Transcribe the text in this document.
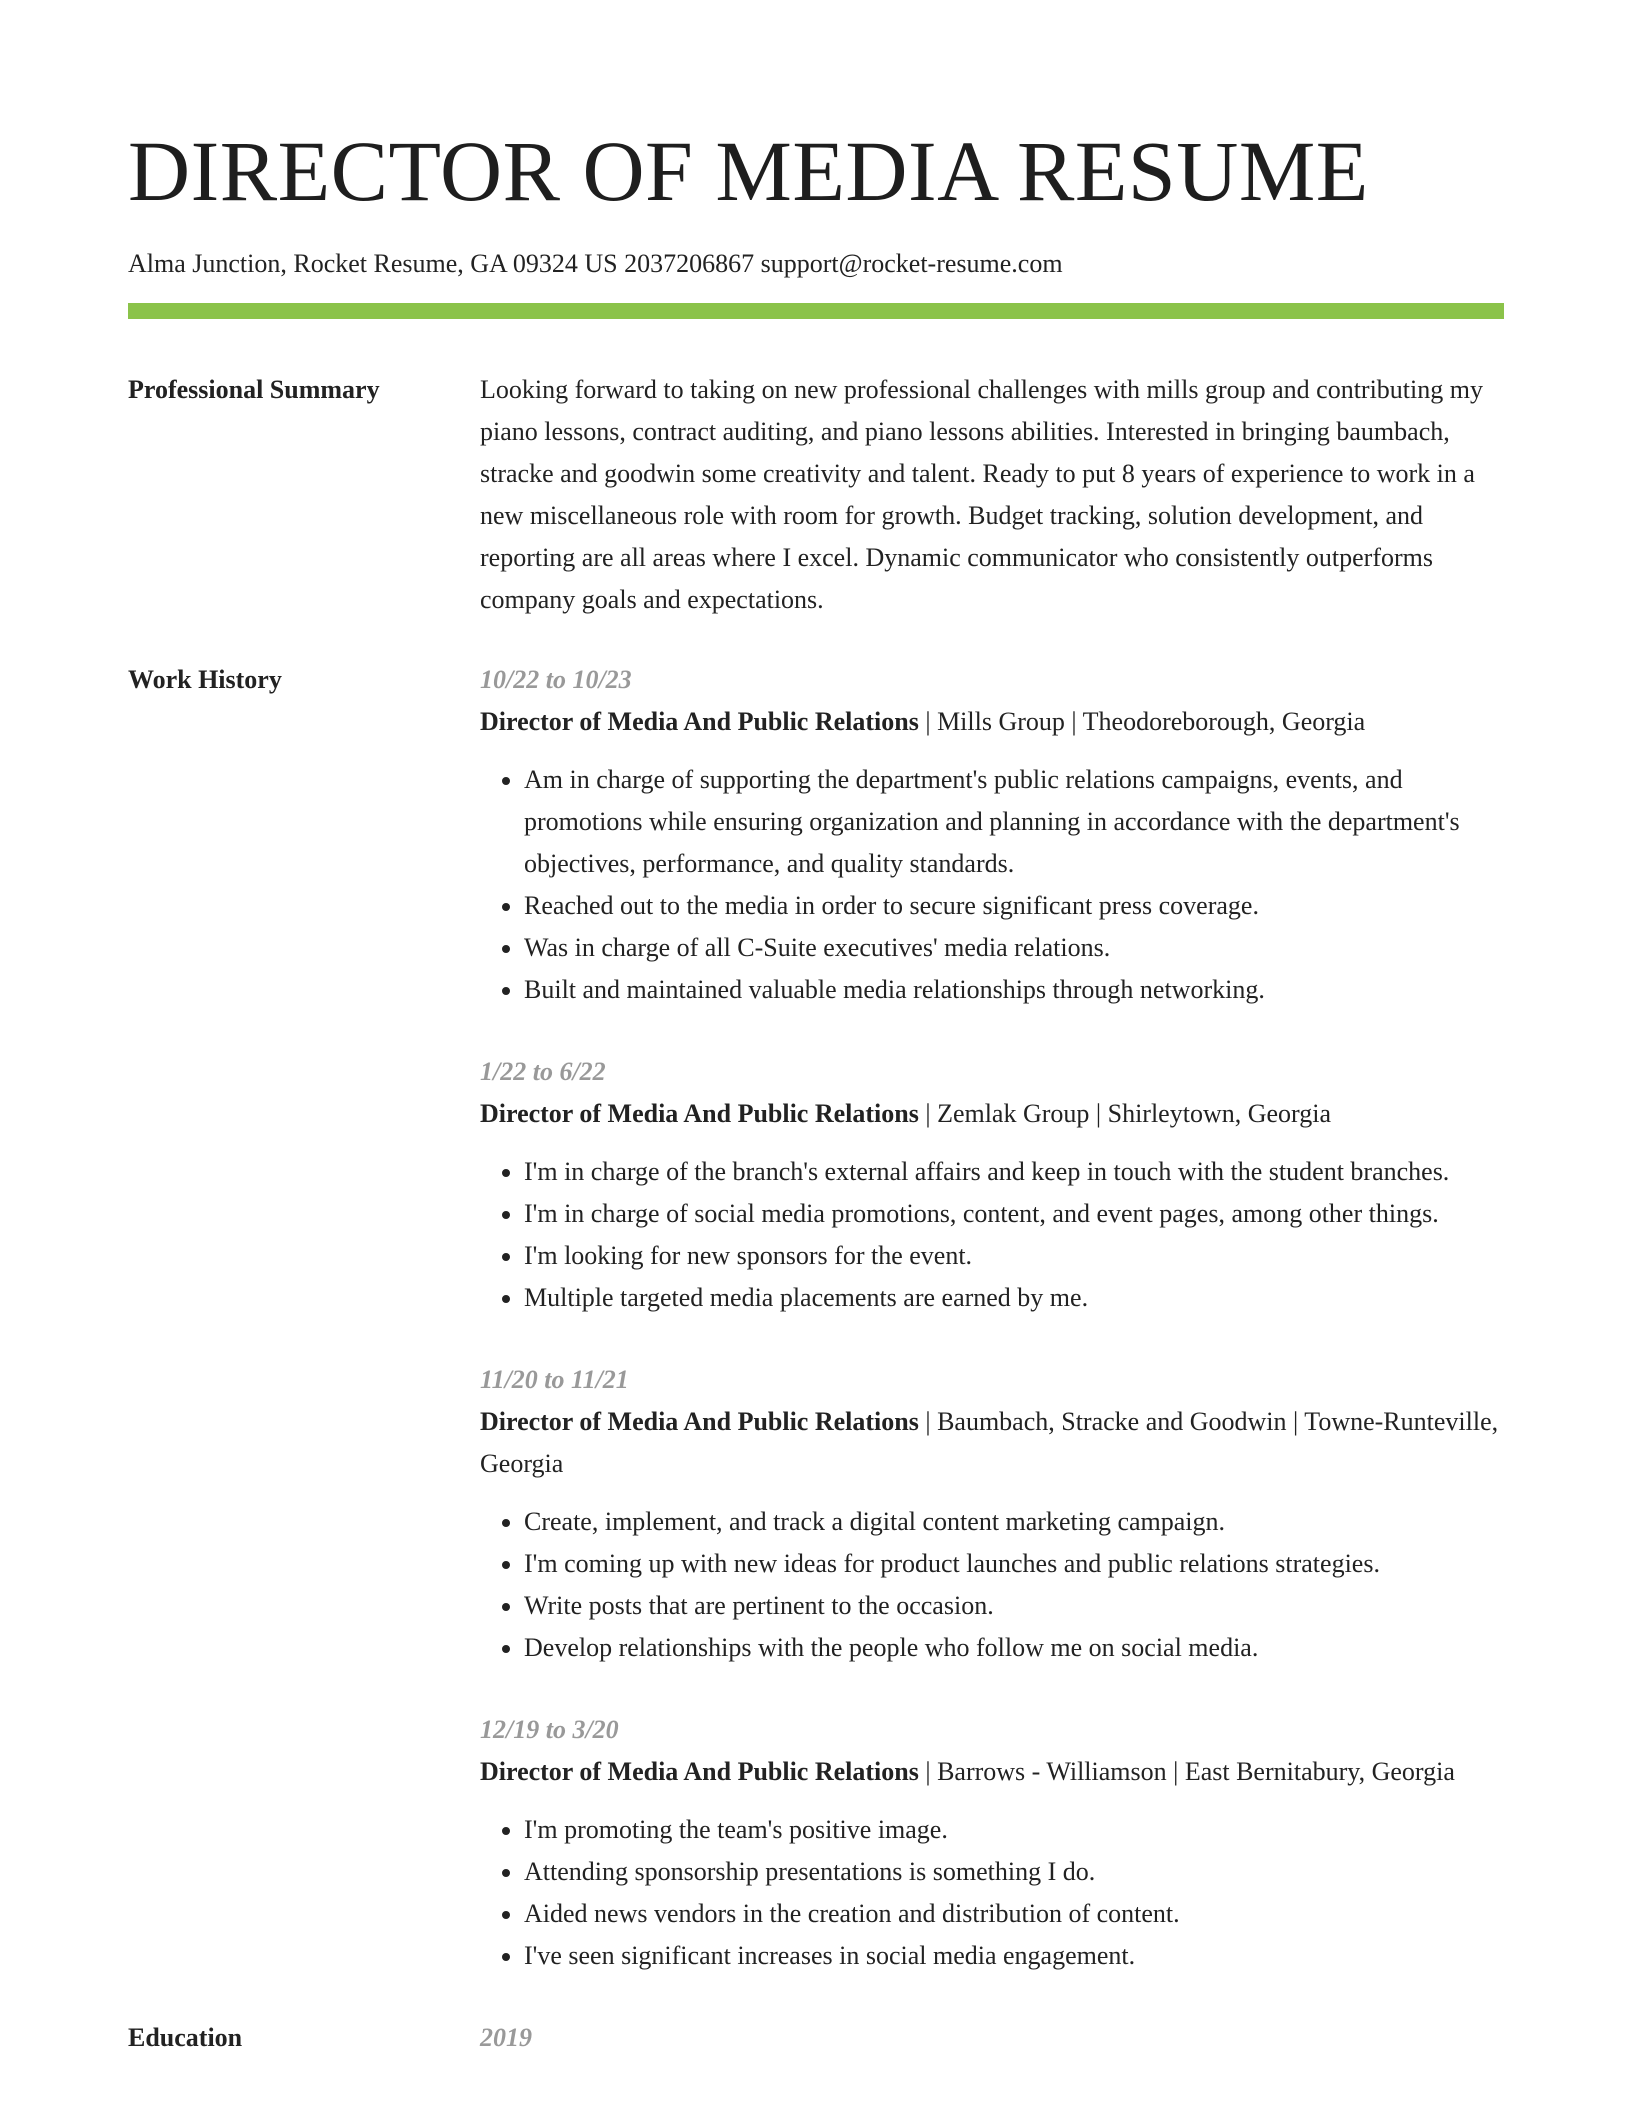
DIRECTOR OF MEDIA RESUME
Alma Junction, Rocket Resume, GA 09324 US 2037206867 support@rocket-resume.com
Professional Summary	Looking forward to taking on new professional challenges with mills group and contributing my piano lessons, contract auditing, and piano lessons abilities. Interested in bringing baumbach, stracke and goodwin some creativity and talent. Ready to put 8 years of experience to work in a new miscellaneous role with room for growth. Budget tracking, solution development, and reporting are all areas where I excel. Dynamic communicator who consistently outperforms company goals and expectations.

Work History	10/22 to 10/23
Director of Media And Public Relations | Mills Group | Theodoreborough, Georgia
• Am in charge of supporting the department's public relations campaigns, events, and promotions while ensuring organization and planning in accordance with the department's objectives, performance, and quality standards.
• Reached out to the media in order to secure significant press coverage.
• Was in charge of all C-Suite executives' media relations.
• Built and maintained valuable media relationships through networking.
1/22 to 6/22
Director of Media And Public Relations | Zemlak Group | Shirleytown, Georgia
• I'm in charge of the branch's external affairs and keep in touch with the student branches.
• I'm in charge of social media promotions, content, and event pages, among other things.
• I'm looking for new sponsors for the event.
• Multiple targeted media placements are earned by me.
11/20 to 11/21
Director of Media And Public Relations | Baumbach, Stracke and Goodwin | Towne-Runteville, Georgia
• Create, implement, and track a digital content marketing campaign.
• I'm coming up with new ideas for product launches and public relations strategies.
• Write posts that are pertinent to the occasion.
• Develop relationships with the people who follow me on social media.
12/19 to 3/20
Director of Media And Public Relations | Barrows - Williamson | East Bernitabury, Georgia
• I'm promoting the team's positive image.
• Attending sponsorship presentations is something I do.
• Aided news vendors in the creation and distribution of content.
• I've seen significant increases in social media engagement.
Education	2019
